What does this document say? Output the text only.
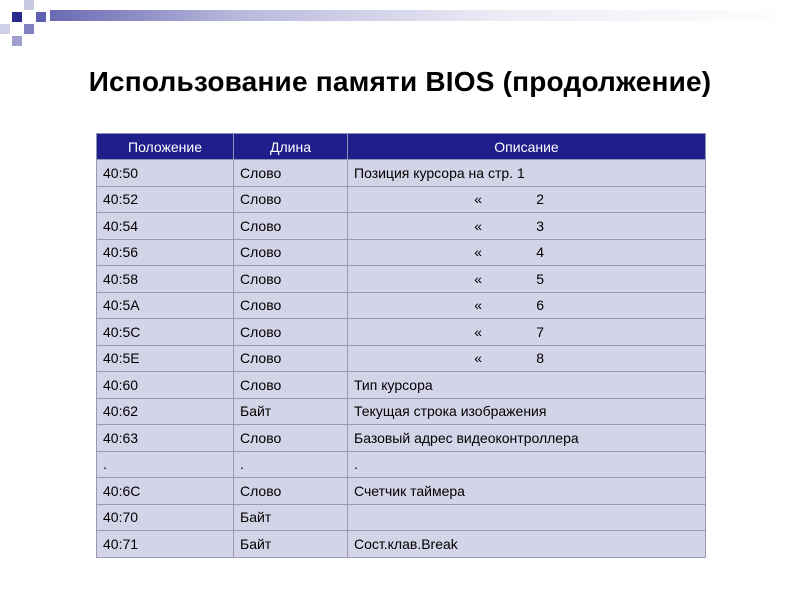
Использование памяти BIOS (продолжение)
Положение	Длина	Описание
40:50	Слово	Позиция курсора на стр. 1
40:52	Слово	« 2
40:54	Слово	« 3
40:56	Слово	« 4
40:58	Слово	« 5
40:5A	Слово	« 6
40:5C	Слово	« 7
40:5E	Слово	« 8
40:60	Слово	Тип курсора
40:62	Байт	Текущая строка изображения
40:63	Слово	Базовый адрес видеоконтроллера
.	.	.
40:6C	Слово	Счетчик таймера
40:70	Байт	
40:71	Байт	Сост.клав.Break
